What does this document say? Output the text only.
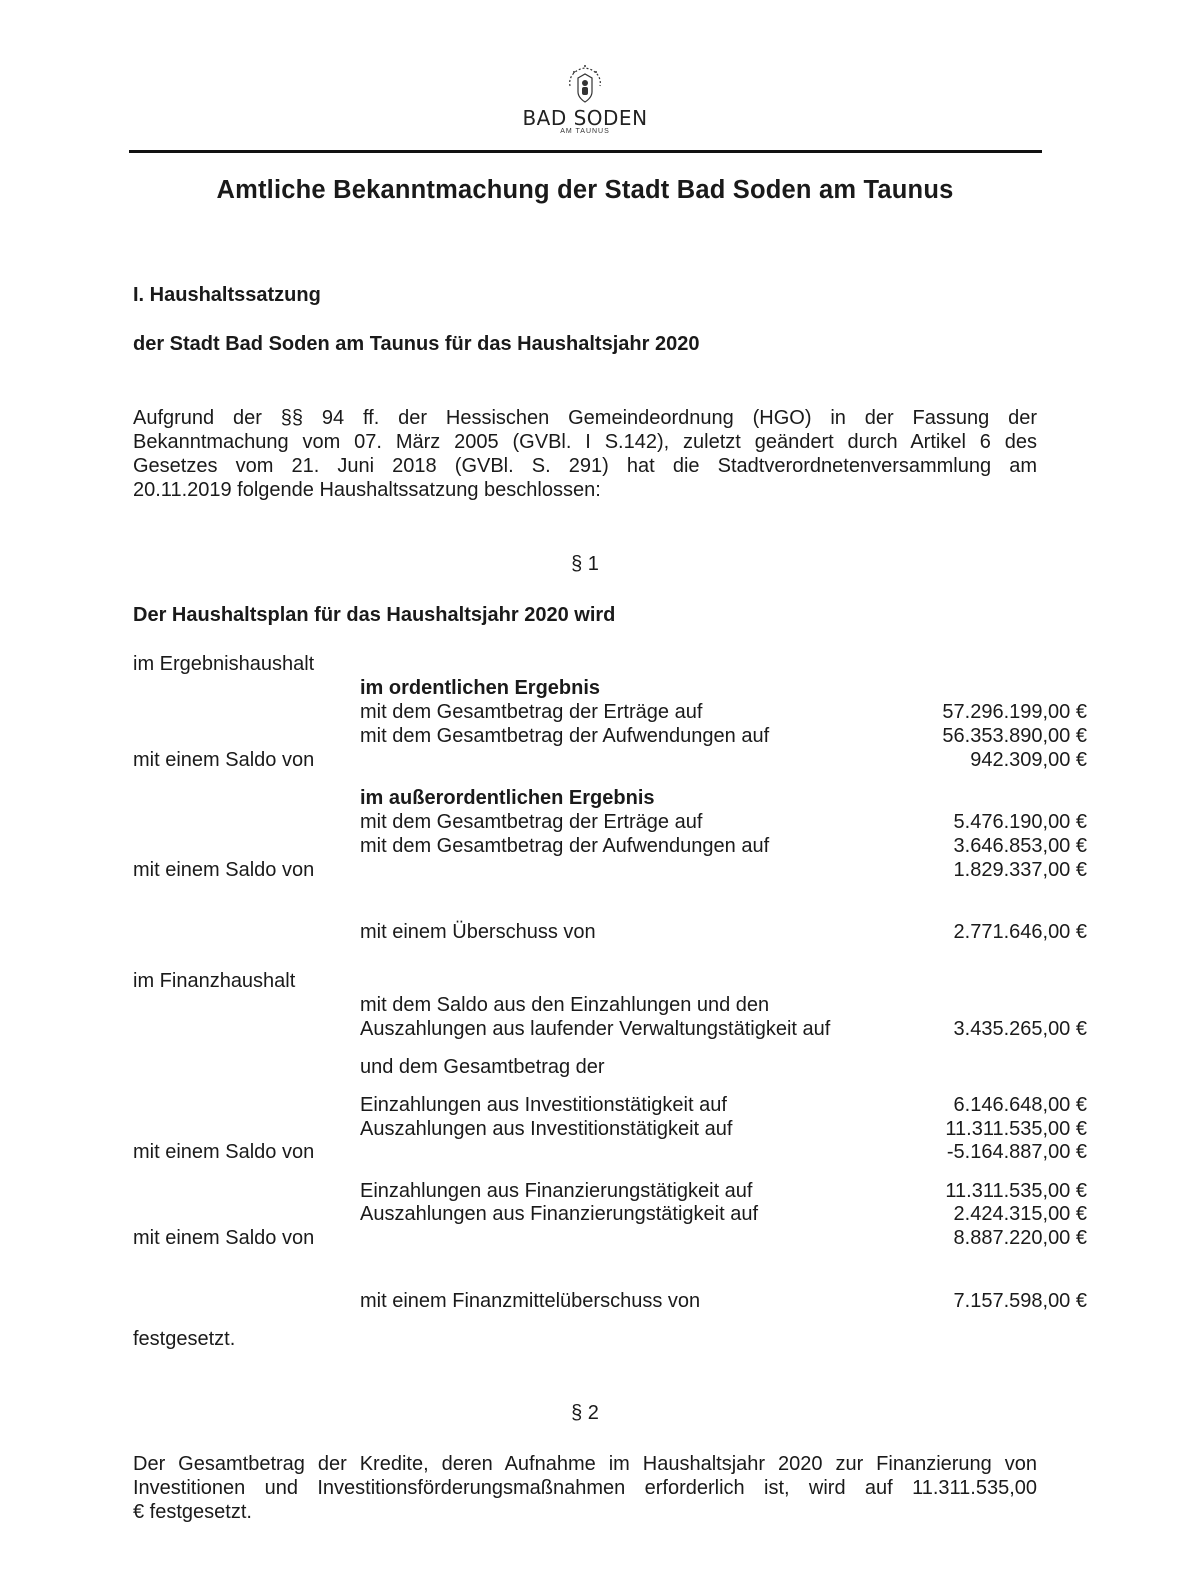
BAD SODEN
AM TAUNUS
Amtliche Bekanntmachung der Stadt Bad Soden am Taunus
I. Haushaltssatzung
der Stadt Bad Soden am Taunus für das Haushaltsjahr 2020
Aufgrund der §§ 94 ff. der Hessischen Gemeindeordnung (HGO) in der Fassung der
Bekanntmachung vom 07. März 2005 (GVBl. I S.142), zuletzt geändert durch Artikel 6 des
Gesetzes vom 21. Juni 2018 (GVBl. S. 291) hat die Stadtverordnetenversammlung am
20.11.2019 folgende Haushaltssatzung beschlossen:
§ 1
Der Haushaltsplan für das Haushaltsjahr 2020 wird
im Ergebnishaushalt
im ordentlichen Ergebnis
mit dem Gesamtbetrag der Erträge auf	57.296.199,00 €
mit dem Gesamtbetrag der Aufwendungen auf	56.353.890,00 €
mit einem Saldo von	942.309,00 €
im außerordentlichen Ergebnis
mit dem Gesamtbetrag der Erträge auf	5.476.190,00 €
mit dem Gesamtbetrag der Aufwendungen auf	3.646.853,00 €
mit einem Saldo von	1.829.337,00 €
mit einem Überschuss von	2.771.646,00 €
im Finanzhaushalt
mit dem Saldo aus den Einzahlungen und den
Auszahlungen aus laufender Verwaltungstätigkeit auf	3.435.265,00 €
und dem Gesamtbetrag der
Einzahlungen aus Investitionstätigkeit auf	6.146.648,00 €
Auszahlungen aus Investitionstätigkeit auf	11.311.535,00 €
mit einem Saldo von	-5.164.887,00 €
Einzahlungen aus Finanzierungstätigkeit auf	11.311.535,00 €
Auszahlungen aus Finanzierungstätigkeit auf	2.424.315,00 €
mit einem Saldo von	8.887.220,00 €
mit einem Finanzmittelüberschuss von	7.157.598,00 €
festgesetzt.
§ 2
Der Gesamtbetrag der Kredite, deren Aufnahme im Haushaltsjahr 2020 zur Finanzierung von
Investitionen und Investitionsförderungsmaßnahmen erforderlich ist, wird auf 11.311.535,00
€ festgesetzt.
